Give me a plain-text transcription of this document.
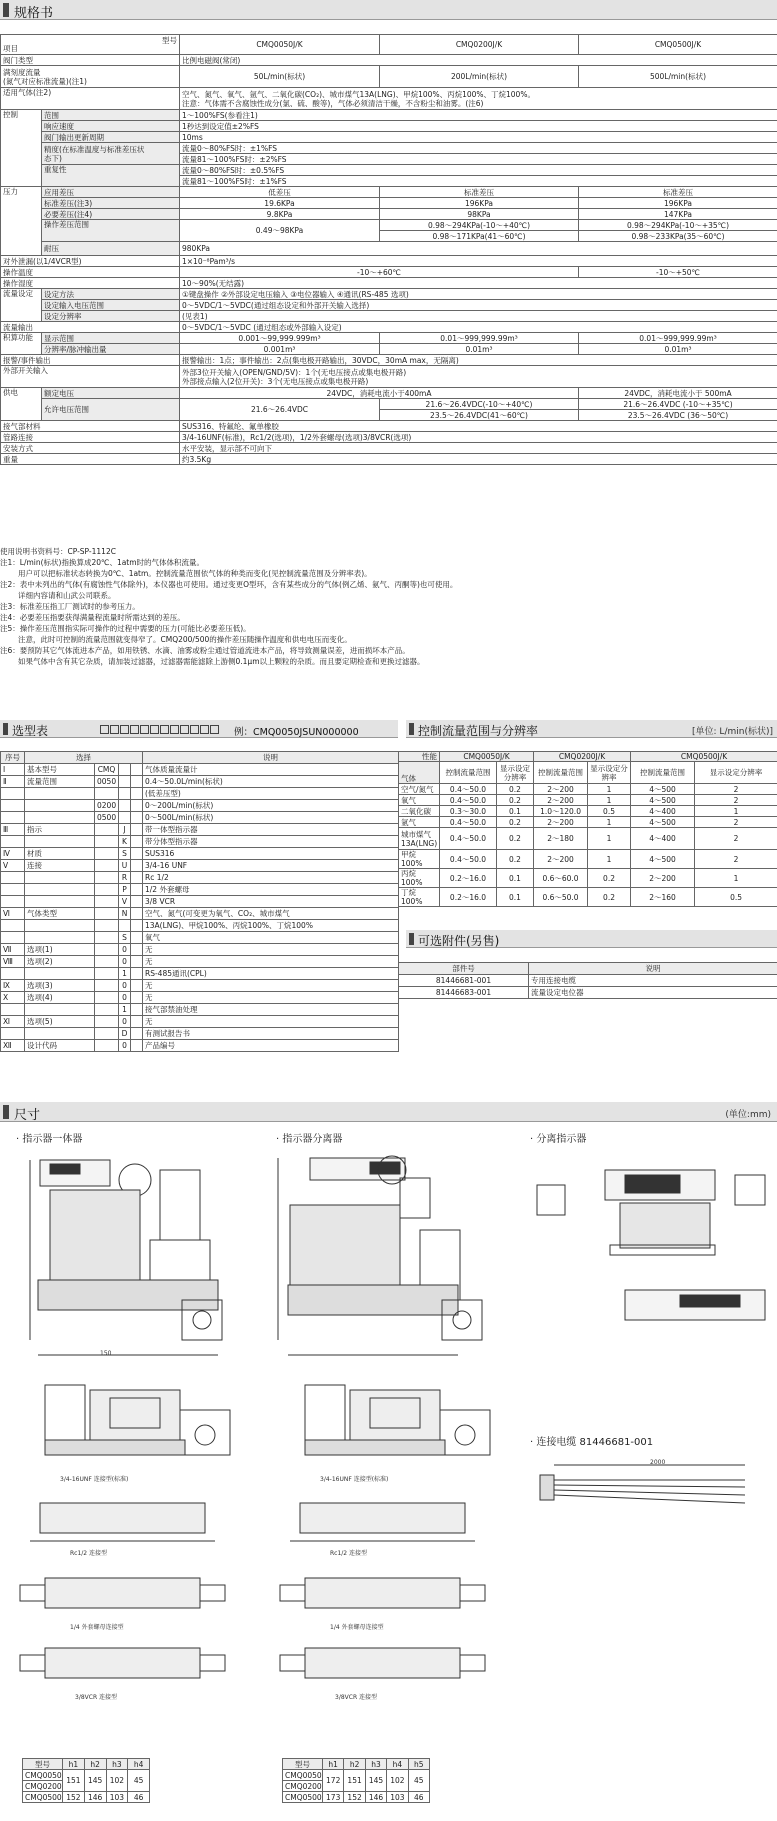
规格书
型号
项目		CMQ0050J/K	CMQ0200J/K	CMQ0500J/K
阀门类型		比例电磁阀(常闭)		

满刻度流量
(氮气对应标准流量)(注1)		50L/min(标状)	200L/min(标状)	500L/min(标状)
适用气体(注2)		空气、氮气、氧气、氩气、二氧化碳(CO₂)、城市煤气13A(LNG)、甲烷100%、丙烷100%、丁烷100%。
注意：气体需不含腐蚀性成分(氯、硫、酸等)，气体必须清洁干燥，不含粉尘和油雾。(注6)		

控制	范围	1～100%FS(参看注1)		
	响应速度	1秒达到设定值±2%FS		
	阀门输出更新周期	10ms		

	精度(在标准温度与标准差压状
态下)	流量0～80%FS时：±1%FS		
		流量81～100%FS时：±2%FS		
	重复性	流量0～80%FS时：±0.5%FS		
		流量81～100%FS时：±1%FS		
压力	应用差压	低差压	标准差压	标准差压
	标准差压(注3)	19.6KPa	196KPa	196KPa
	必要差压(注4)	9.8KPa	98KPa	147KPa
	操作差压范围	0.49～98KPa	0.98～294KPa(-10～+40℃)	0.98～294KPa(-10～+35℃)
			0.98～171KPa(41～60℃)	0.98～233KPa(35～60℃)
	耐压	980KPa		
对外泄漏(以1/4VCR型)		1×10⁻⁸Pam³/s		
操作温度		-10～+60℃		-10～+50℃
操作湿度		10～90%(无结露)		
流量设定	设定方法	①键盘操作 ②外部设定电压输入 ③电位器输入 ④通讯(RS-485 选项)		
	设定输入电压范围	0～5VDC/1～5VDC(通过组态设定和外部开关输入选择)		
	设定分辨率	(见表1)		
流量输出		0～5VDC/1～5VDC (通过组态或外部输入设定)		
积算功能	显示范围	0.001～99,999.999m³	0.01～999,999.99m³	0.01～999,999.99m³
	分辨率/脉冲输出量	0.001m³	0.01m³	0.01m³
报警/事件输出		报警输出：1点；事件输出：2点(集电极开路输出，30VDC，30mA max，无隔离)		
外部开关输入		外部3位开关输入(OPEN/GND/5V)：1个(无电压接点或集电极开路)
外部接点输入(2位开关)：3个(无电压接点或集电极开路)		

供电	额定电压	24VDC，消耗电流小于400mA		24VDC，消耗电流小于 500mA
	允许电压范围	21.6～26.4VDC	21.6～26.4VDC(-10～+40℃)	21.6～26.4VDC (-10～+35℃)
			23.5～26.4VDC(41～60℃)	23.5～26.4VDC (36～50℃)
接气部材料		SUS316、特氟纶、氟单橡胶		
管路连接		3/4-16UNF(标准)，Rc1/2(选项)，1/2外套螺母(选项)3/8VCR(选项)		
安装方式		水平安装，显示部不可向下		
重量		约3.5Kg		
使用说明书资料号：CP-SP-1112C
注1：L/min(标状)指换算成20℃、1atm时的气体体积流量。
用户可以把标准状态转换为0℃、1atm。控制流量范围依气体的种类而变化(见控制流量范围及分辨率表)。
注2：表中未列出的气体(有腐蚀性气体除外)，本仪器也可使用。通过变更O型环，含有某些成分的气体(例乙烯、氨气、丙酮等)也可使用。
详细内容请和山武公司联系。
注3：标准差压指工厂测试时的参考压力。
注4：必要差压指要获得满量程流量时所需达到的差压。
注5：操作差压范围指实际可操作的过程中需要的压力(可能比必要差压低)。
注意，此时可控制的流量范围就变得窄了。CMQ200/500的操作差压随操作温度和供电电压而变化。
注6：要预防其它气体流进本产品，如用铁锈、水滴、油雾或粉尘通过管道流进本产品，将导致测量误差，进而损坏本产品。
如果气体中含有其它杂质，请加装过滤器，过滤器需能滤除上游侧0.1μm以上颗粒的杂质。而且要定期检查和更换过滤器。
选型表	例：CMQ0050JSUN000000
序号	选择				说明
Ⅰ	基本型号	CMQ			气体质量流量计
Ⅱ	流量范围	0050			0.4～50.0L/min(标状)
					(低差压型)
		0200			0～200L/min(标状)
		0500			0～500L/min(标状)
Ⅲ	指示		J		带一体型指示器
			K		带分体型指示器
Ⅳ	材质		S		SUS316
Ⅴ	连接		U		3/4-16 UNF
			R		Rc 1/2
			P		1/2 外套螺母
			V		3/8 VCR
Ⅵ	气体类型		N		空气、氮气(可变更为氧气、CO₂、城市煤气
					13A(LNG)、甲烷100%、丙烷100%、丁烷100%
			S		氧气
Ⅶ	选项(1)		0		无
Ⅷ	选项(2)		0		无
			1		RS-485通讯(CPL)
Ⅸ	选项(3)		0		无
Ⅹ	选项(4)		0		无
			1		接气部禁油处理
Ⅺ	选项(5)		0		无
			D		有测试报告书
Ⅻ	设计代码		0		产品编号
控制流量范围与分辨率	[单位: L/min(标状)]
性能	CMQ0050J/K		CMQ0200J/K		CMQ0500J/K	
气体	控制流量范围	显示设定分辨率	控制流量范围	显示设定分辨率	控制流量范围	显示设定分辨率
空气/氮气	0.4～50.0	0.2	2～200	1	4～500	2
氧气	0.4～50.0	0.2	2～200	1	4～500	2
二氧化碳	0.3～30.0	0.1	1.0～120.0	0.5	4～400	1
氩气	0.4～50.0	0.2	2～200	1	4～500	2
城市煤气13A(LNG)	0.4～50.0	0.2	2～180	1	4～400	2
甲烷100%	0.4～50.0	0.2	2～200	1	4～500	2
丙烷100%	0.2～16.0	0.1	0.6～60.0	0.2	2～200	1
丁烷100%	0.2～16.0	0.1	0.6～50.0	0.2	2～160	0.5
可选附件(另售)
部件号	说明
81446681-001	专用连接电缆
81446683-001	流量设定电位器
尺寸	(单位:mm)
· 指示器一体器	· 指示器分离器	· 分离指示器
· 连接电缆 81446681-001
150
2000
3/4-16UNF 连接型(标准)	3/4-16UNF 连接型(标准)
Rc1/2 连接型	Rc1/2 连接型
1/4 外套螺母连接型	1/4 外套螺母连接型
3/8VCR 连接型	3/8VCR 连接型
型号	h1	h2	h3	h4
CMQ0050	151	145	102	45
CMQ0200				
CMQ0500	152	146	103	46
型号	h1	h2	h3	h4	h5
CMQ0050	172	151	145	102	45
CMQ0200					
CMQ0500	173	152	146	103	46
